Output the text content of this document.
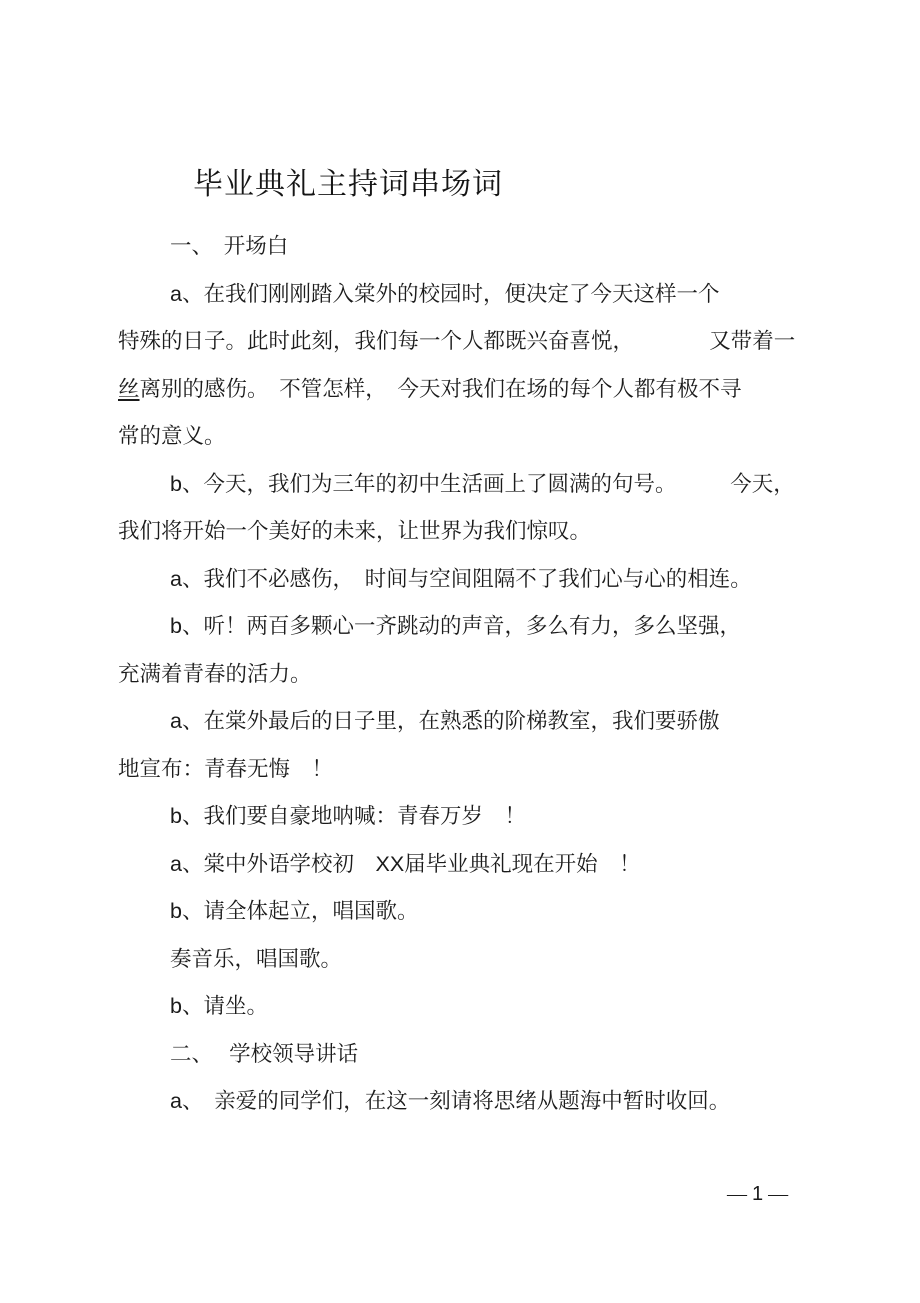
毕业典礼主持词串场词
一、　开场白
a、在我们刚刚踏入棠外的校园时，便决定了今天这样一个
特殊的日子。此时此刻，我们每一个人都既兴奋喜悦，　　　　又带着一
丝离别的感伤。　不管怎样，　今天对我们在场的每个人都有极不寻
常的意义。
b、今天，我们为三年的初中生活画上了圆满的句号。　　　今天，
我们将开始一个美好的未来，让世界为我们惊叹。
a、我们不必感伤，　时间与空间阻隔不了我们心与心的相连。
b、听！两百多颗心一齐跳动的声音，多么有力，多么坚强，
充满着青春的活力。
a、在棠外最后的日子里，在熟悉的阶梯教室，我们要骄傲
地宣布：青春无悔　！
b、我们要自豪地呐喊：青春万岁　！
a、棠中外语学校初　XX届毕业典礼现在开始　！
b、请全体起立，唱国歌。
奏音乐，唱国歌。
b、请坐。
二、　 学校领导讲话
a、　亲爱的同学们，在这一刻请将思绪从题海中暂时收回。
— 1 —
